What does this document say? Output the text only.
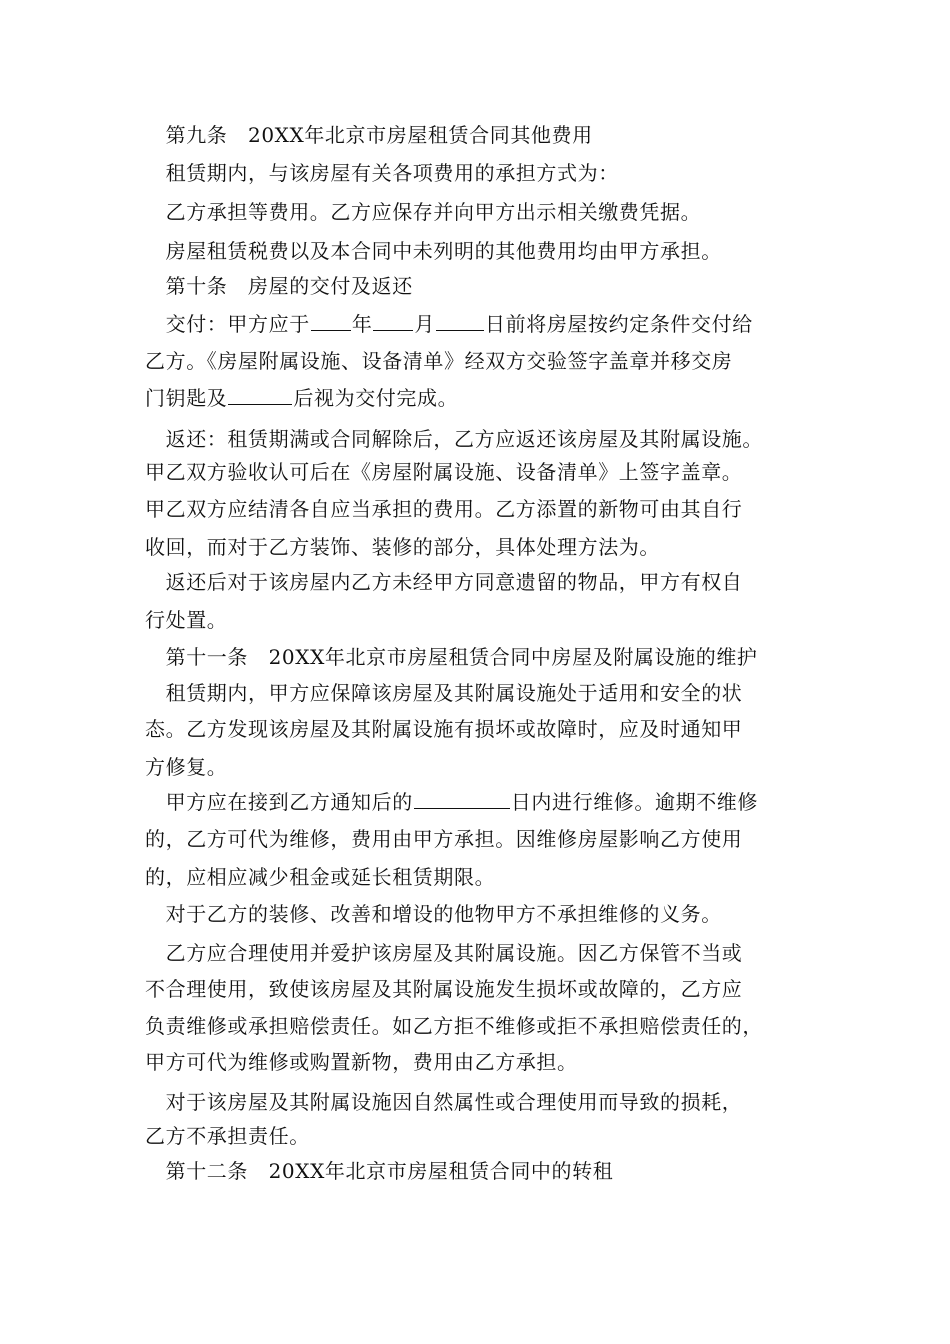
　第九条　20XX年北京市房屋租赁合同其他费用
　租赁期内，与该房屋有关各项费用的承担方式为：
　乙方承担等费用。乙方应保存并向甲方出示相关缴费凭据。
　房屋租赁税费以及本合同中未列明的其他费用均由甲方承担。
　第十条　房屋的交付及返还
　交付：甲方应于 年 月	日前将房屋按约定条件交付给
乙方。《房屋附属设施、设备清单》经双方交验签字盖章并移交房
门钥匙及	后视为交付完成。
　返还：租赁期满或合同解除后，乙方应返还该房屋及其附属设施。
甲乙双方验收认可后在《房屋附属设施、设备清单》上签字盖章。
甲乙双方应结清各自应当承担的费用。乙方添置的新物可由其自行
收回，而对于乙方装饰、装修的部分，具体处理方法为。
　返还后对于该房屋内乙方未经甲方同意遗留的物品，甲方有权自
行处置。
　第十一条　20XX年北京市房屋租赁合同中房屋及附属设施的维护
　租赁期内，甲方应保障该房屋及其附属设施处于适用和安全的状
态。乙方发现该房屋及其附属设施有损坏或故障时，应及时通知甲
方修复。
　甲方应在接到乙方通知后的	日内进行维修。逾期不维修
的，乙方可代为维修，费用由甲方承担。因维修房屋影响乙方使用
的，应相应减少租金或延长租赁期限。
　对于乙方的装修、改善和增设的他物甲方不承担维修的义务。
　乙方应合理使用并爱护该房屋及其附属设施。因乙方保管不当或
不合理使用，致使该房屋及其附属设施发生损坏或故障的，乙方应
负责维修或承担赔偿责任。如乙方拒不维修或拒不承担赔偿责任的，
甲方可代为维修或购置新物，费用由乙方承担。
　对于该房屋及其附属设施因自然属性或合理使用而导致的损耗，
乙方不承担责任。
　第十二条　20XX年北京市房屋租赁合同中的转租
